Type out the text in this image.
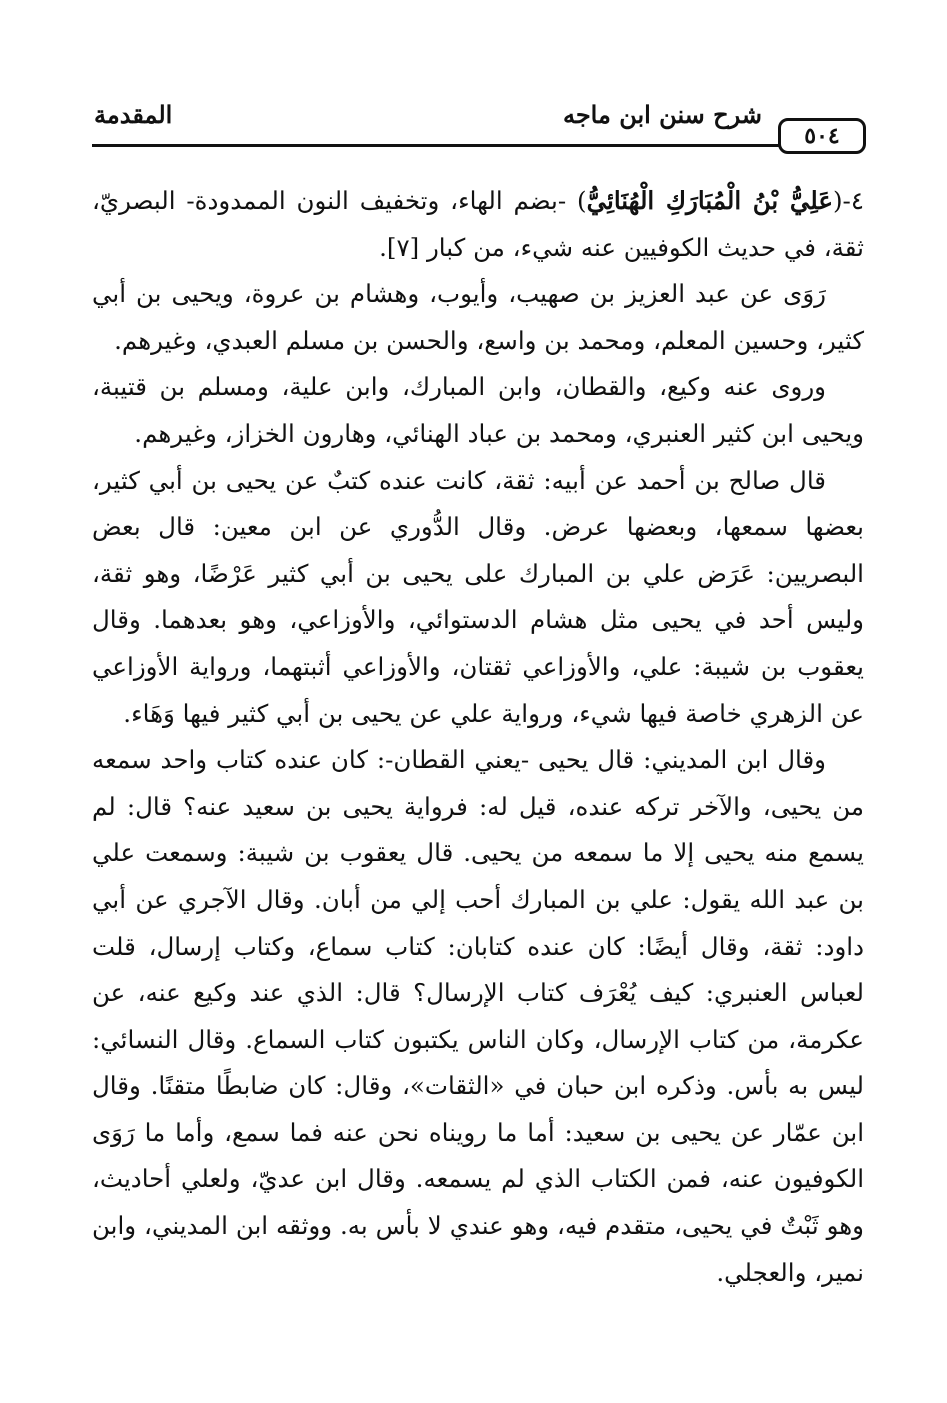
٥٠٤
شرح سنن ابن ماجه
المقدمة

٤-(عَلِيُّ بْنُ الْمُبَارَكِ الْهُنَائِيُّ) -بضم الهاء، وتخفيف النون الممدودة- البصريّ، ثقة، في حديث الكوفيين عنه شيء، من كبار [٧].

رَوَى عن عبد العزيز بن صهيب، وأيوب، وهشام بن عروة، ويحيى بن أبي كثير، وحسين المعلم، ومحمد بن واسع، والحسن بن مسلم العبدي، وغيرهم.

وروى عنه وكيع، والقطان، وابن المبارك، وابن علية، ومسلم بن قتيبة، ويحيى ابن كثير العنبري، ومحمد بن عباد الهنائي، وهارون الخزاز، وغيرهم.

قال صالح بن أحمد عن أبيه: ثقة، كانت عنده كتبٌ عن يحيى بن أبي كثير، بعضها سمعها، وبعضها عرض. وقال الدُّوري عن ابن معين: قال بعض البصريين: عَرَض علي بن المبارك على يحيى بن أبي كثير عَرْضًا، وهو ثقة، وليس أحد في يحيى مثل هشام الدستوائي، والأوزاعي، وهو بعدهما. وقال يعقوب بن شيبة: علي، والأوزاعي ثقتان، والأوزاعي أثبتهما، ورواية الأوزاعي عن الزهري خاصة فيها شيء، ورواية علي عن يحيى بن أبي كثير فيها وَهَاء.

وقال ابن المديني: قال يحيى -يعني القطان-: كان عنده كتاب واحد سمعه من يحيى، والآخر تركه عنده، قيل له: فرواية يحيى بن سعيد عنه؟ قال: لم يسمع منه يحيى إلا ما سمعه من يحيى. قال يعقوب بن شيبة: وسمعت علي بن عبد الله يقول: علي بن المبارك أحب إلي من أبان. وقال الآجري عن أبي داود: ثقة، وقال أيضًا: كان عنده كتابان: كتاب سماع، وكتاب إرسال، قلت لعباس العنبري: كيف يُعْرَف كتاب الإرسال؟ قال: الذي عند وكيع عنه، عن عكرمة، من كتاب الإرسال، وكان الناس يكتبون كتاب السماع. وقال النسائي: ليس به بأس. وذكره ابن حبان في «الثقات»، وقال: كان ضابطًا متقنًا. وقال ابن عمّار عن يحيى بن سعيد: أما ما رويناه نحن عنه فما سمع، وأما ما رَوَى الكوفيون عنه، فمن الكتاب الذي لم يسمعه. وقال ابن عديّ، ولعلي أحاديث، وهو ثَبْتٌ في يحيى، متقدم فيه، وهو عندي لا بأس به. ووثقه ابن المديني، وابن نمير، والعجلي.
